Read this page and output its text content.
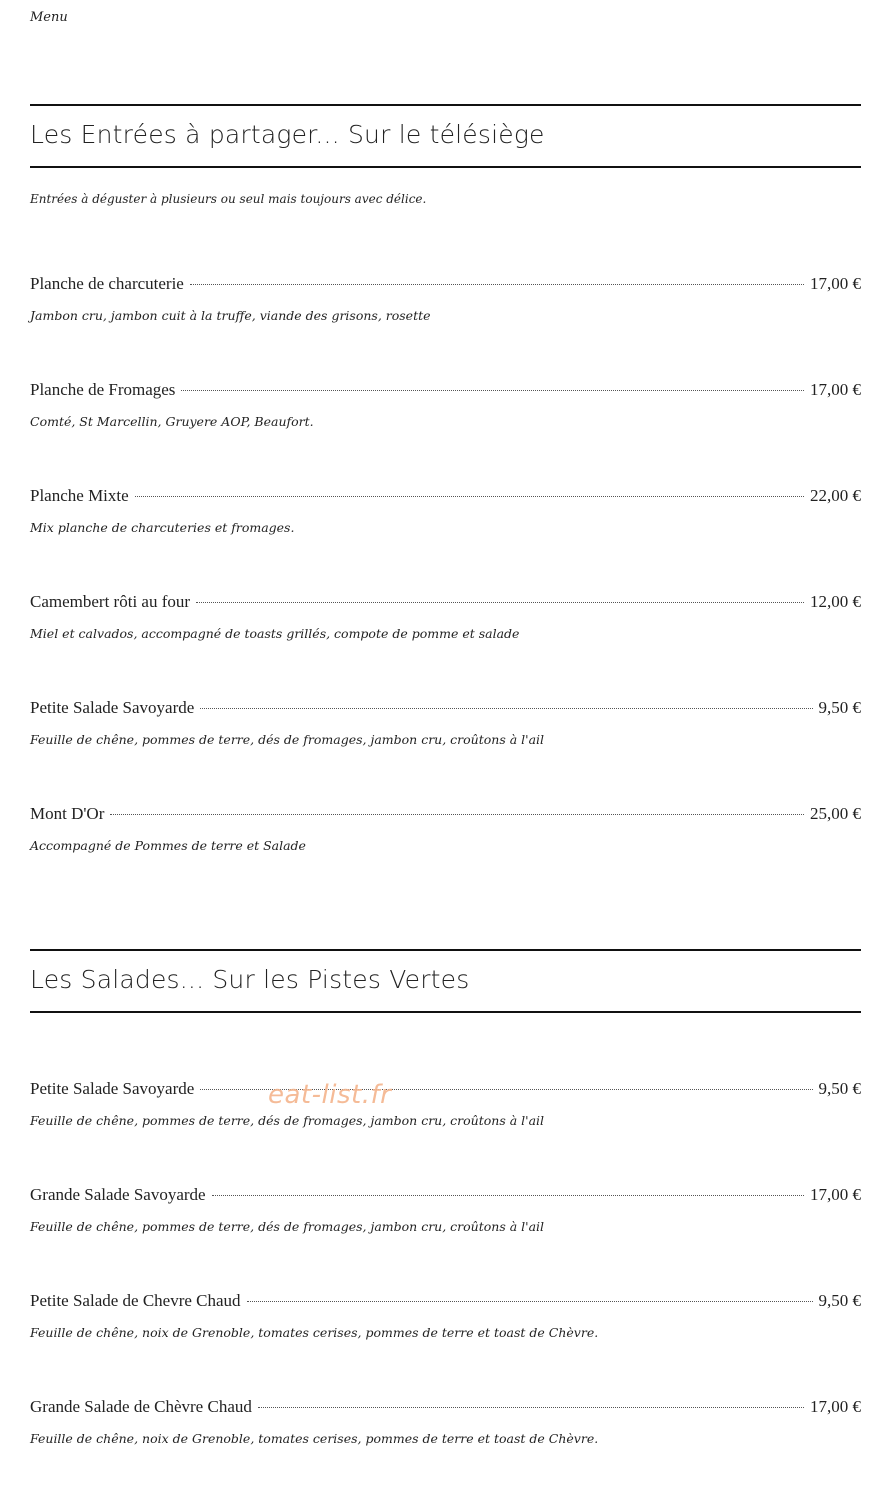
Menu
Les Entrées à partager... Sur le télésiège
Entrées à déguster à plusieurs ou seul mais toujours avec délice.
Planche de charcuterie	17,00 €
Jambon cru, jambon cuit à la truffe, viande des grisons, rosette
Planche de Fromages	17,00 €
Comté, St Marcellin, Gruyere AOP, Beaufort.
Planche Mixte	22,00 €
Mix planche de charcuteries et fromages.
Camembert rôti au four	12,00 €
Miel et calvados, accompagné de toasts grillés, compote de pomme et salade
Petite Salade Savoyarde	9,50 €
Feuille de chêne, pommes de terre, dés de fromages, jambon cru, croûtons à l'ail
Mont D'Or	25,00 €
Accompagné de Pommes de terre et Salade
Les Salades... Sur les Pistes Vertes
Petite Salade Savoyarde	9,50 €
Feuille de chêne, pommes de terre, dés de fromages, jambon cru, croûtons à l'ail
Grande Salade Savoyarde	17,00 €
Feuille de chêne, pommes de terre, dés de fromages, jambon cru, croûtons à l'ail
Petite Salade de Chevre Chaud	9,50 €
Feuille de chêne, noix de Grenoble, tomates cerises, pommes de terre et toast de Chèvre.
Grande Salade de Chèvre Chaud	17,00 €
Feuille de chêne, noix de Grenoble, tomates cerises, pommes de terre et toast de Chèvre.
eat-list.fr
